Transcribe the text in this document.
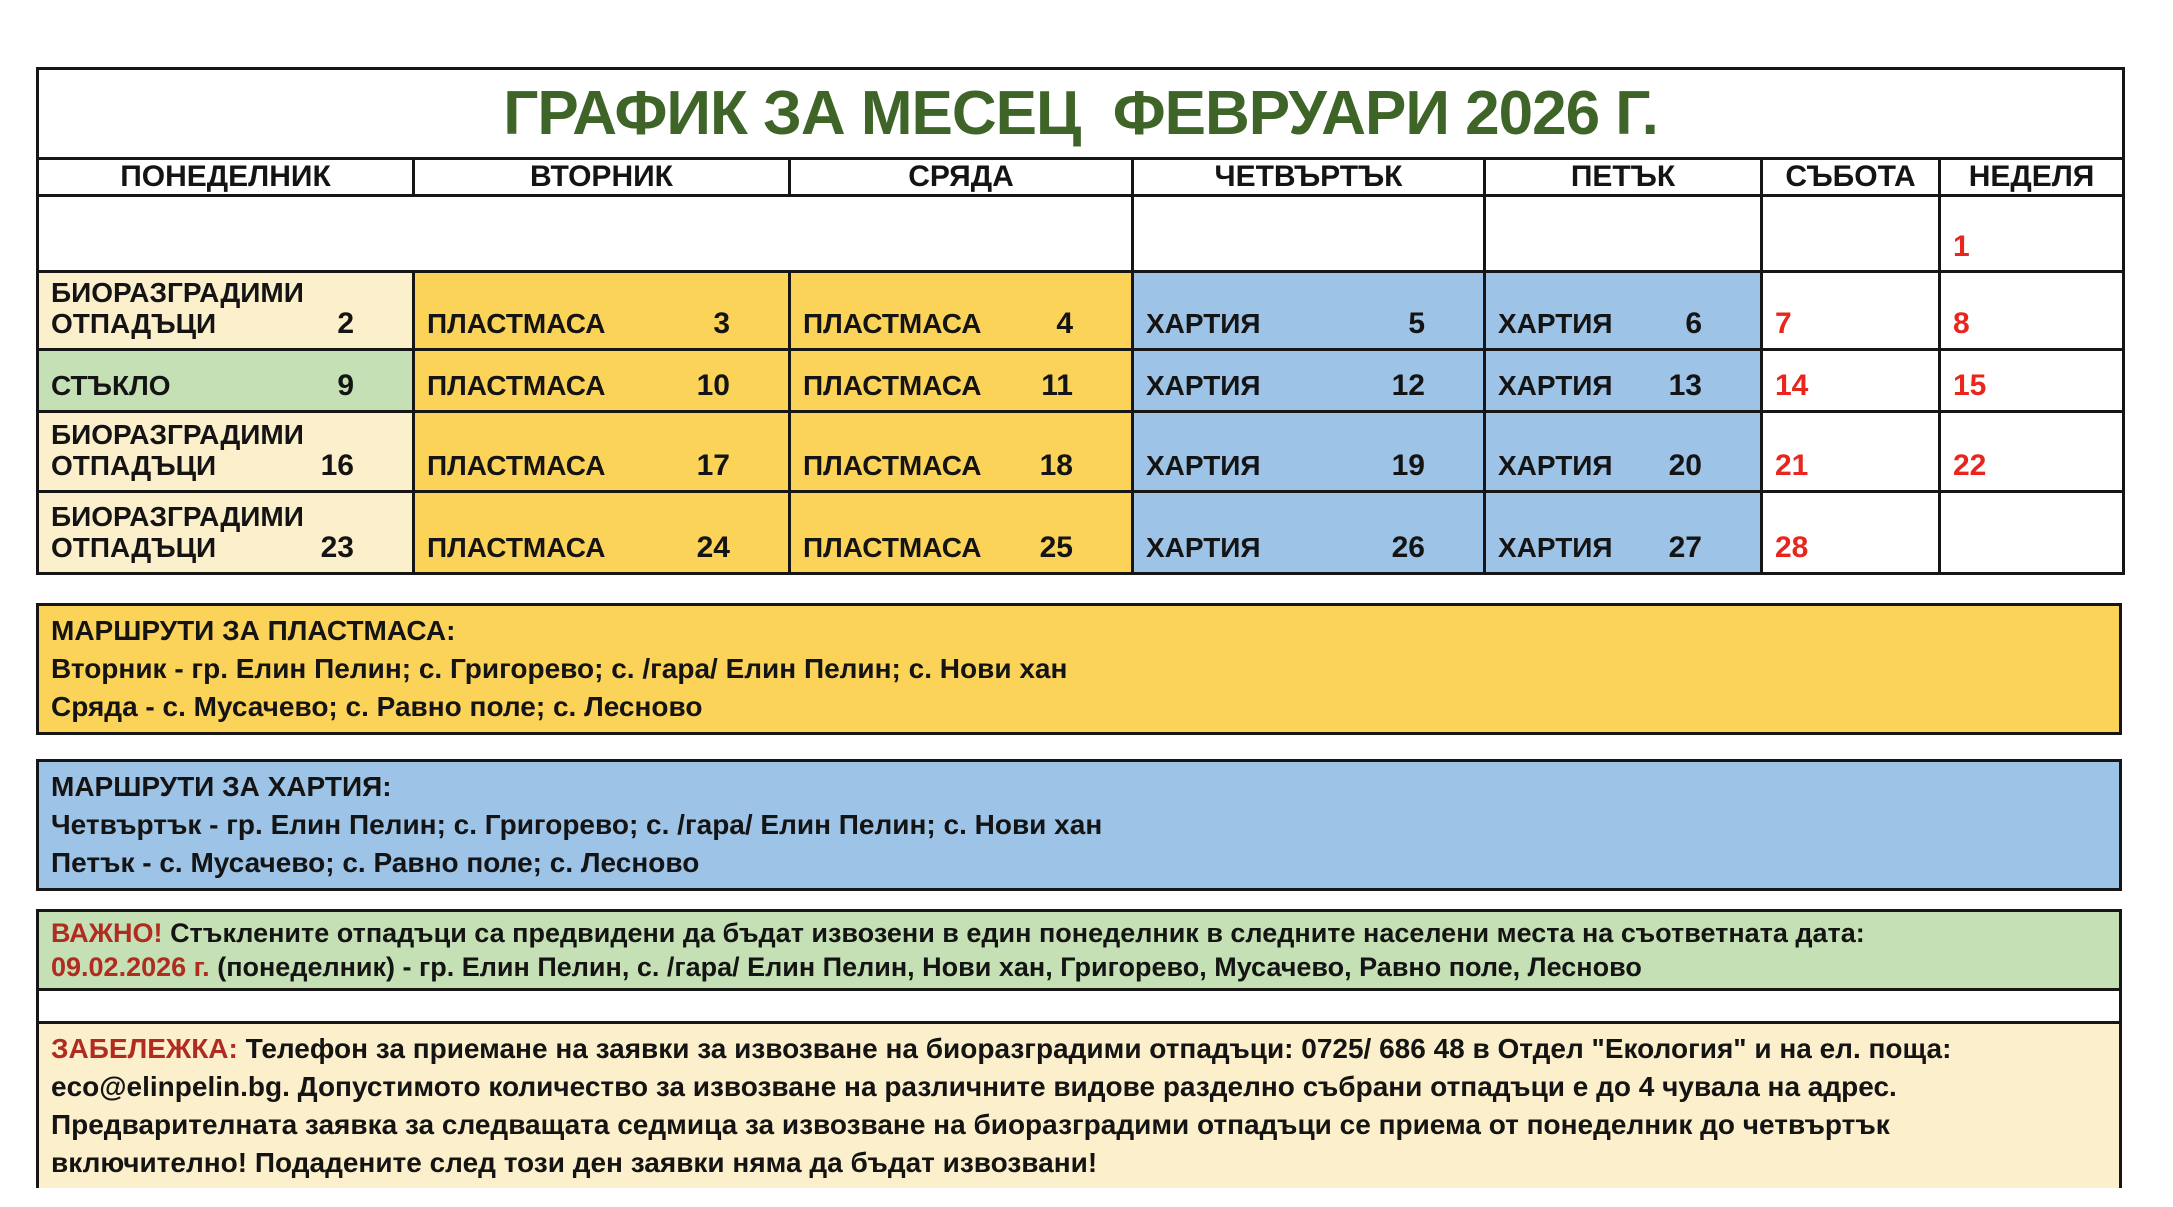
ГРАФИК ЗА МЕСЕЦ  ФЕВРУАРИ 2026 Г.						
ПОНЕДЕЛНИК	ВТОРНИК	СРЯДА	ЧЕТВЪРТЪК	ПЕТЪК	СЪБОТА	НЕДЕЛЯ

						1

БИОРАЗГРАДИМИ ОТПАДЪЦИ 2	ПЛАСТМАСА 3	ПЛАСТМАСА 4	ХАРТИЯ 5	ХАРТИЯ 6	7	8

СТЪКЛО 9	ПЛАСТМАСА 10	ПЛАСТМАСА 11	ХАРТИЯ 12	ХАРТИЯ 13	14	15

БИОРАЗГРАДИМИ ОТПАДЪЦИ 16	ПЛАСТМАСА 17	ПЛАСТМАСА 18	ХАРТИЯ 19	ХАРТИЯ 20	21	22

БИОРАЗГРАДИМИ ОТПАДЪЦИ 23	ПЛАСТМАСА 24	ПЛАСТМАСА 25	ХАРТИЯ 26	ХАРТИЯ 27	28	

МАРШРУТИ ЗА ПЛАСТМАСА:
Вторник - гр. Елин Пелин; с. Григорево; с. /гара/ Елин Пелин; с. Нови хан
Сряда - с. Мусачево; с. Равно поле; с. Лесново
МАРШРУТИ ЗА ХАРТИЯ:
Четвъртък - гр. Елин Пелин; с. Григорево; с. /гара/ Елин Пелин; с. Нови хан
Петък - с. Мусачево; с. Равно поле; с. Лесново
ВАЖНО! Стъклените отпадъци са предвидени да бъдат извозени в един понеделник в следните населени места на съответната дата:
09.02.2026 г. (понеделник) - гр. Елин Пелин, с. /гара/ Елин Пелин, Нови хан, Григорево, Мусачево, Равно поле, Лесново
ЗАБЕЛЕЖКА: Телефон за приемане на заявки за извозване на биоразградими отпадъци: 0725/ 686 48 в Отдел "Екология" и на ел. поща:
eco@elinpelin.bg. Допустимото количество за извозване на различните видове разделно събрани отпадъци е до 4 чувала на адрес.
Предварителната заявка за следващата седмица за извозване на биоразградими отпадъци се приема от понеделник до четвъртък
включително! Подадените след този ден заявки няма да бъдат извозвани!
